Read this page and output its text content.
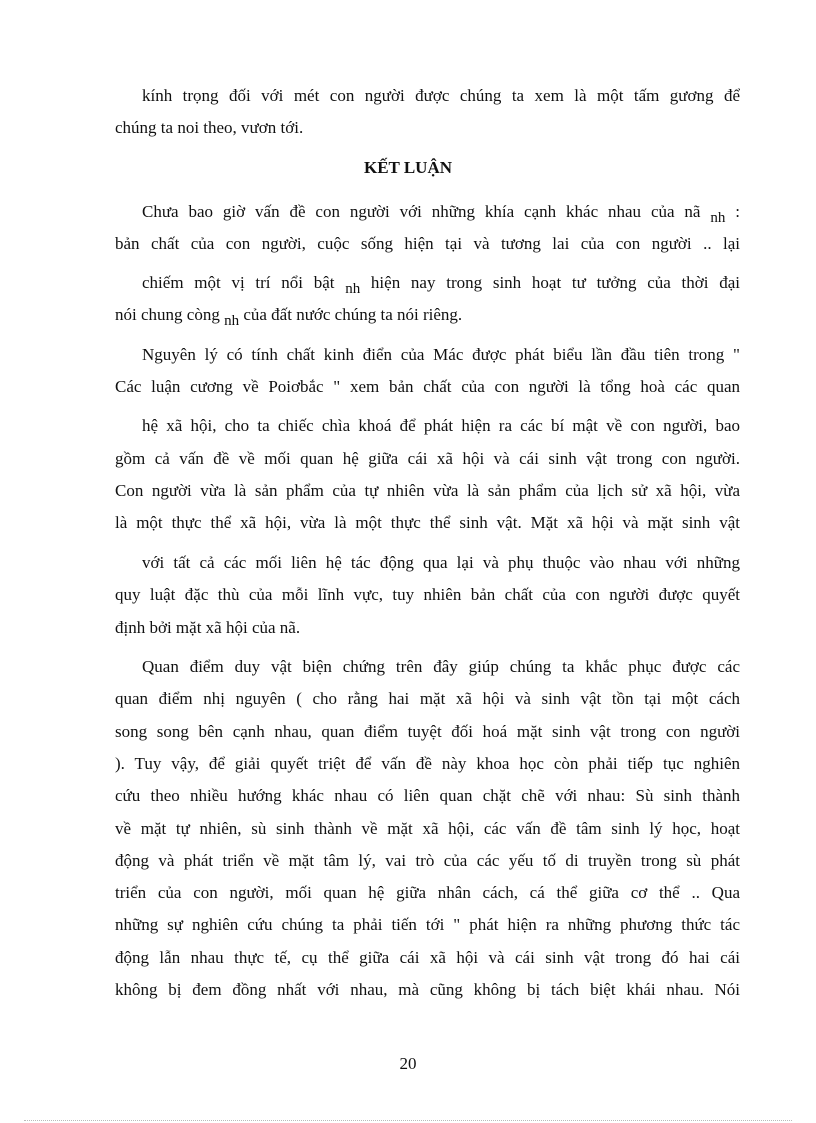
kính trọng đối với mét con người được chúng ta xem là một tấm gương để
chúng ta noi theo, vươn tới.
KẾT LUẬN
Chưa bao giờ vấn đề con người với những khía cạnh khác nhau của nã nh :
bản chất của con người, cuộc sống hiện tại và tương lai của con người .. lại
chiếm một vị trí nổi bật nh hiện nay trong sinh hoạt tư tưởng của thời đại
nói chung còng nh của đất nước chúng ta nói riêng.
Nguyên lý có tính chất kinh điển của Mác được phát biểu lần đầu tiên trong "
Các luận cương về Poiơbắc " xem bản chất của con người là tổng hoà các quan
hệ xã hội, cho ta chiếc chìa khoá để phát hiện ra các bí mật về con người, bao
gồm cả vấn đề về mối quan hệ giữa cái xã hội và cái sinh vật trong con người.
Con người vừa là sản phẩm của tự nhiên vừa là sản phẩm của lịch sử xã hội, vừa
là một thực thể xã hội, vừa là một thực thể sinh vật. Mặt xã hội và mặt sinh vật
với tất cả các mối liên hệ tác động qua lại và phụ thuộc vào nhau với những
quy luật đặc thù của mỗi lĩnh vực, tuy nhiên bản chất của con người được quyết
định bởi mặt xã hội của nã.
Quan điểm duy vật biện chứng trên đây giúp chúng ta khắc phục được các
quan điểm nhị nguyên ( cho rằng hai mặt xã hội và sinh vật tồn tại một cách
song song bên cạnh nhau, quan điểm tuyệt đối hoá mặt sinh vật trong con người
). Tuy vậy, để giải quyết triệt để vấn đề này khoa học còn phải tiếp tục nghiên
cứu theo nhiều hướng khác nhau có liên quan chặt chẽ với nhau: Sù sinh thành
về mặt tự nhiên, sù sinh thành về mặt xã hội, các vấn đề tâm sinh lý học, hoạt
động và phát triển về mặt tâm lý, vai trò của các yếu tố di truyền trong sù phát
triển của con người, mối quan hệ giữa nhân cách, cá thể giữa cơ thể .. Qua
những sự nghiên cứu chúng ta phải tiến tới " phát hiện ra những phương thức tác
động lẫn nhau thực tế, cụ thể giữa cái xã hội và cái sinh vật trong đó hai cái
không bị đem đồng nhất với nhau, mà cũng không bị tách biệt khái nhau. Nói
20
